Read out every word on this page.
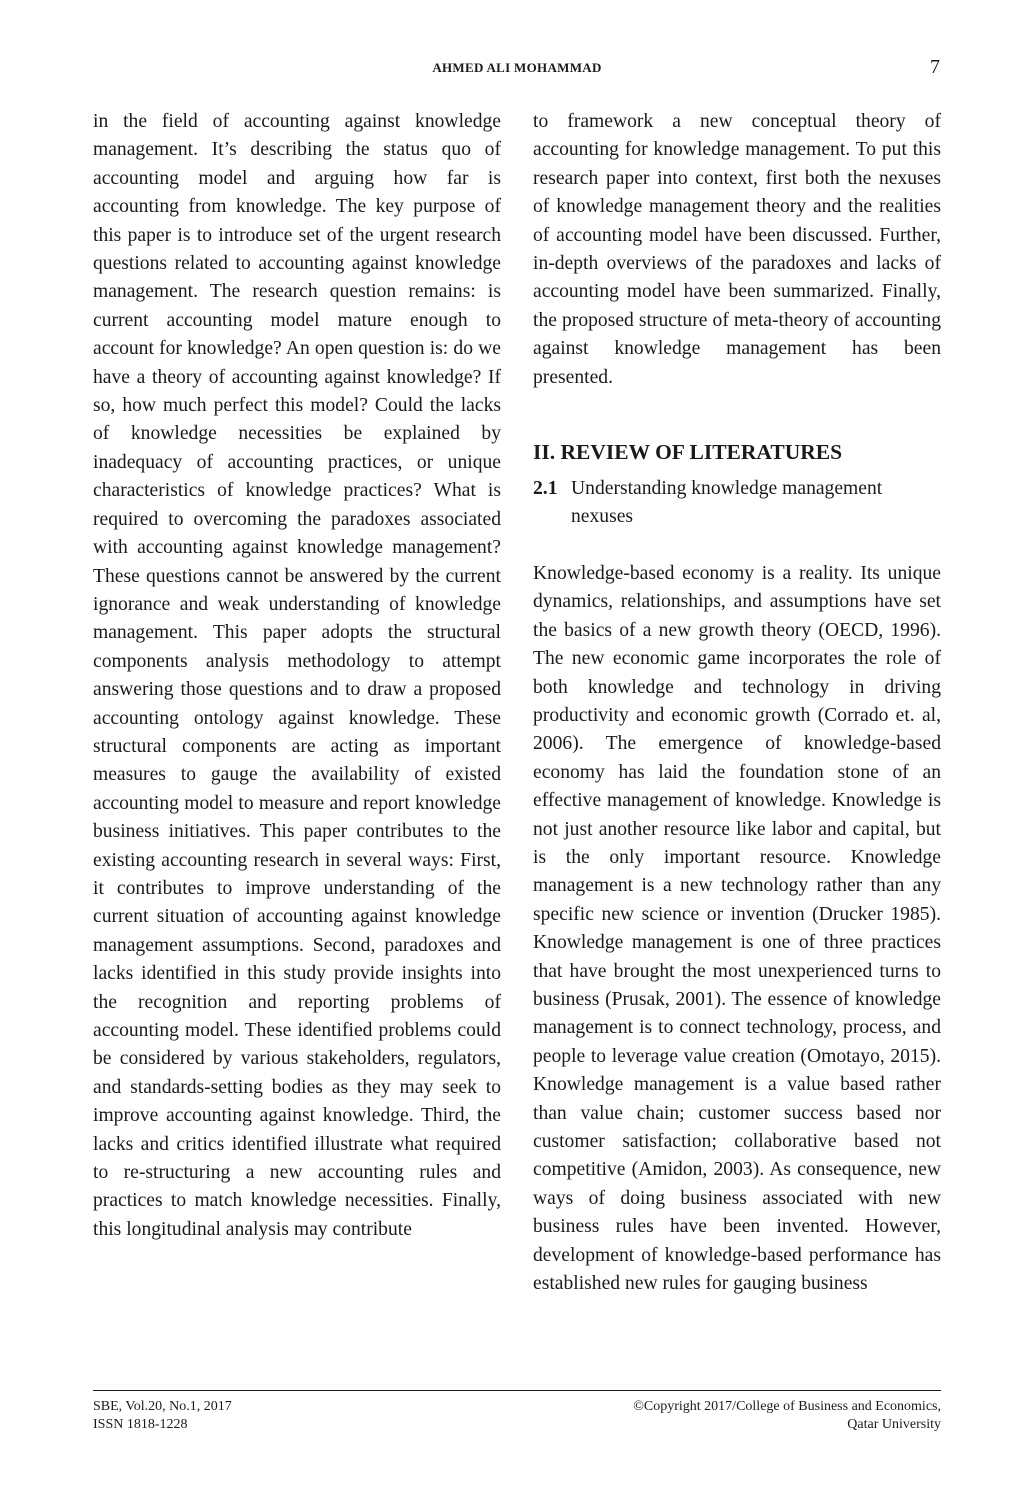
AHMED ALI MOHAMMAD	7

in the field of accounting against knowledge management. It’s describing the status quo of accounting model and arguing how far is accounting from knowledge. The key purpose of this paper is to introduce set of the urgent research questions related to accounting against knowledge management. The research question remains: is current accounting model mature enough to account for knowledge? An open question is: do we have a theory of accounting against knowledge? If so, how much perfect this model? Could the lacks of knowledge necessities be explained by inadequacy of accounting practices, or unique characteristics of knowledge practices? What is required to overcoming the paradoxes associated with accounting against knowledge management? These questions cannot be answered by the current ignorance and weak understanding of knowledge management. This paper adopts the structural components analysis methodology to attempt answering those questions and to draw a proposed accounting ontology against knowledge. These structural components are acting as important measures to gauge the availability of existed accounting model to measure and report knowledge business initiatives. This paper contributes to the existing accounting research in several ways: First, it contributes to improve understanding of the current situation of accounting against knowledge management assumptions. Second, paradoxes and lacks identified in this study provide insights into the recognition and reporting problems of accounting model. These identified problems could be considered by various stakeholders, regulators, and standards-setting bodies as they may seek to improve accounting against knowledge. Third, the lacks and critics identified illustrate what required to re-structuring a new accounting rules and practices to match knowledge necessities. Finally, this longitudinal analysis may contribute

to framework a new conceptual theory of accounting for knowledge management. To put this research paper into context, first both the nexuses of knowledge management theory and the realities of accounting model have been discussed. Further, in-depth overviews of the paradoxes and lacks of accounting model have been summarized. Finally, the proposed structure of meta-theory of accounting against knowledge management has been presented.

II. REVIEW OF LITERATURES
2.1 Understanding knowledge management nexuses

Knowledge-based economy is a reality. Its unique dynamics, relationships, and assumptions have set the basics of a new growth theory (OECD, 1996). The new economic game incorporates the role of both knowledge and technology in driving productivity and economic growth (Corrado et. al, 2006). The emergence of knowledge-based economy has laid the foundation stone of an effective management of knowledge. Knowledge is not just another resource like labor and capital, but is the only important resource. Knowledge management is a new technology rather than any specific new science or invention (Drucker 1985). Knowledge management is one of three practices that have brought the most unexperienced turns to business (Prusak, 2001). The essence of knowledge management is to connect technology, process, and people to leverage value creation (Omotayo, 2015). Knowledge management is a value based rather than value chain; customer success based nor customer satisfaction; collaborative based not competitive (Amidon, 2003). As consequence, new ways of doing business associated with new business rules have been invented. However, development of knowledge-based performance has established new rules for gauging business

SBE, Vol.20, No.1, 2017
ISSN 1818-1228
©Copyright 2017/College of Business and Economics,
Qatar University
